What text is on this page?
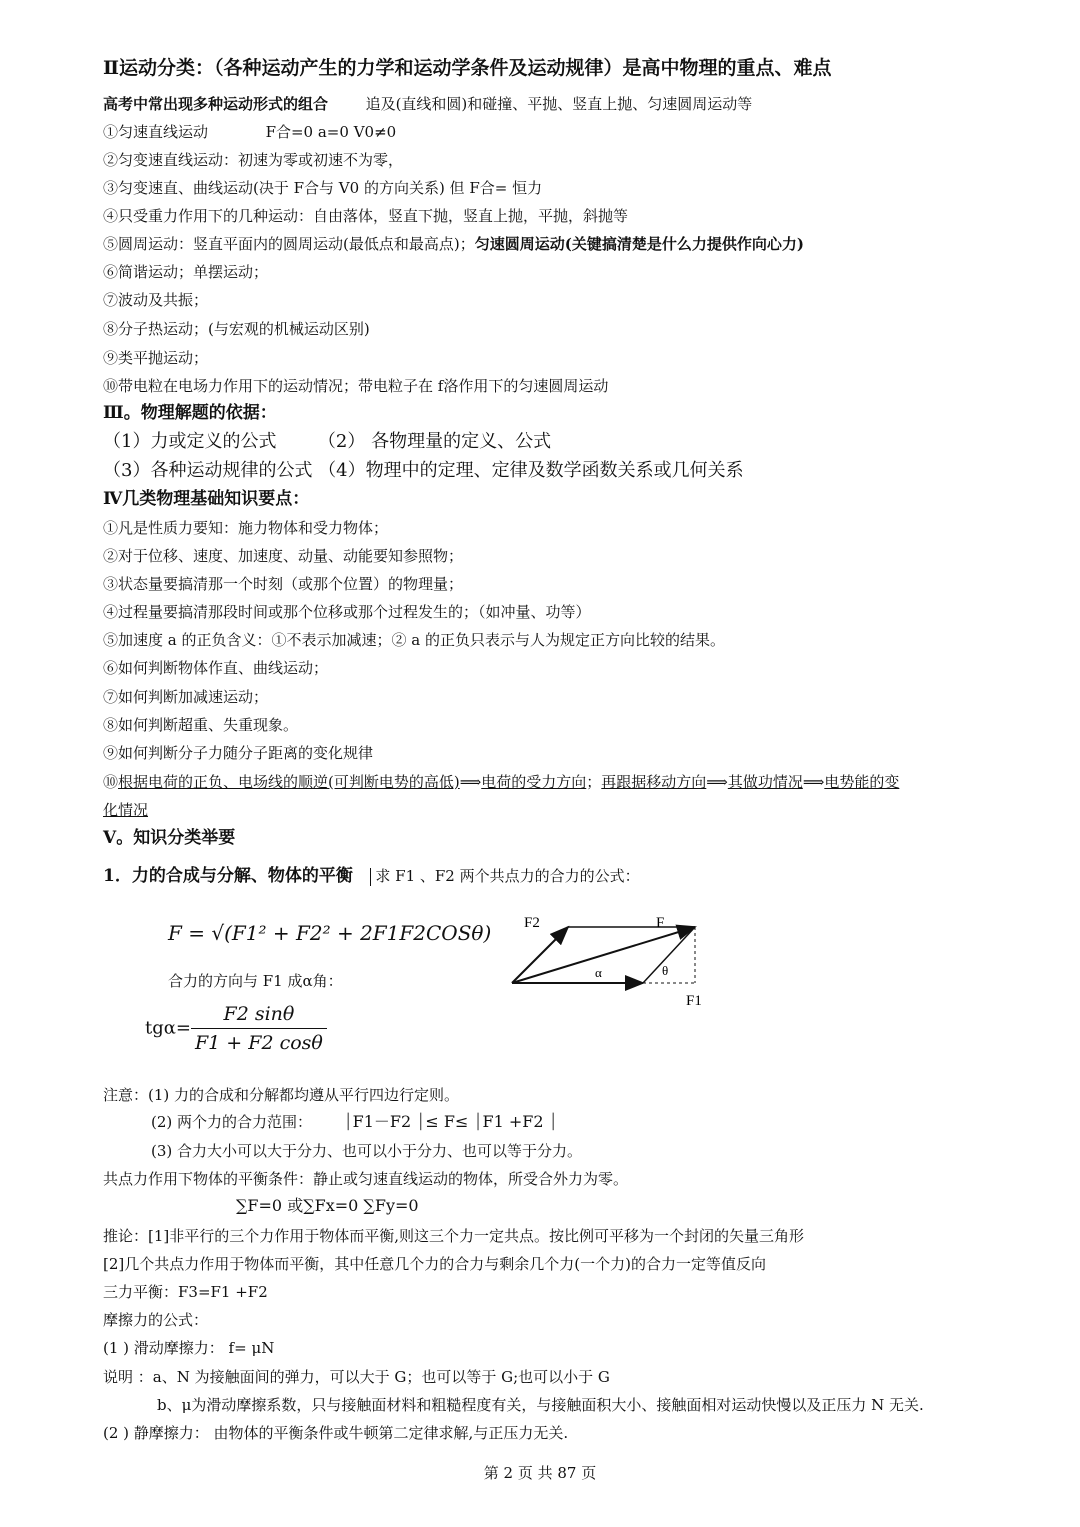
Ⅱ运动分类：（各种运动产生的力学和运动学条件及运动规律）是高中物理的重点、难点
高考中常出现多种运动形式的组合	追及(直线和圆)和碰撞、平抛、竖直上抛、匀速圆周运动等
①匀速直线运动	F合=0 a=0 V0≠0
②匀变速直线运动：初速为零或初速不为零，
③匀变速直、曲线运动(决于 F合与 V0 的方向关系) 但 F合= 恒力
④只受重力作用下的几种运动：自由落体，竖直下抛，竖直上抛，平抛，斜抛等
⑤圆周运动：竖直平面内的圆周运动(最低点和最高点)；匀速圆周运动(关键搞清楚是什么力提供作向心力)
⑥简谐运动；单摆运动；
⑦波动及共振；
⑧分子热运动；(与宏观的机械运动区别)
⑨类平抛运动；
⑩带电粒在电场力作用下的运动情况；带电粒子在 f洛作用下的匀速圆周运动
Ⅲ。物理解题的依据：
（1）力或定义的公式 （2） 各物理量的定义、公式
（3）各种运动规律的公式 （4）物理中的定理、定律及数学函数关系或几何关系
Ⅳ几类物理基础知识要点：
①凡是性质力要知：施力物体和受力物体；
②对于位移、速度、加速度、动量、动能要知参照物；
③状态量要搞清那一个时刻（或那个位置）的物理量；
④过程量要搞清那段时间或那个位移或那个过程发生的；（如冲量、功等）
⑤加速度 a 的正负含义：①不表示加减速；② a 的正负只表示与人为规定正方向比较的结果。
⑥如何判断物体作直、曲线运动；
⑦如何判断加减速运动；
⑧如何判断超重、失重现象。
⑨如何判断分子力随分子距离的变化规律
⑩根据电荷的正负、电场线的顺逆(可判断电势的高低)⟹电荷的受力方向；再跟据移动方向⟹其做功情况⟹电势能的变
化情况
V。知识分类举要
1．力的合成与分解、物体的平衡 求 F1 、F2 两个共点力的合力的公式：
F = √(F1² + F2² + 2F1F2COSθ)
合力的方向与 F1 成α角：
$tg\alpha= \frac{F2 \sin\theta}{F1 + F2 \cos\theta}$
F2	F
α	θ
F1
注意：(1) 力的合成和分解都均遵从平行四边行定则。
(2) 两个力的合力范围： ⏐F1－F2 ⏐≤ F≤ ⏐F1 +F2 ⏐
(3) 合力大小可以大于分力、也可以小于分力、也可以等于分力。
共点力作用下物体的平衡条件：静止或匀速直线运动的物体，所受合外力为零。
∑F=0 或∑Fx=0 ∑Fy=0
推论：[1]非平行的三个力作用于物体而平衡,则这三个力一定共点。按比例可平移为一个封闭的矢量三角形
[2]几个共点力作用于物体而平衡，其中任意几个力的合力与剩余几个力(一个力)的合力一定等值反向
三力平衡：F3=F1 +F2
摩擦力的公式：
(1 ) 滑动摩擦力： f= μN
说明 ：a、N 为接触面间的弹力，可以大于 G；也可以等于 G;也可以小于 G
b、μ为滑动摩擦系数，只与接触面材料和粗糙程度有关，与接触面积大小、接触面相对运动快慢以及正压力 N 无关.
(2 ) 静摩擦力： 由物体的平衡条件或牛顿第二定律求解,与正压力无关.
第 2 页 共 87 页
